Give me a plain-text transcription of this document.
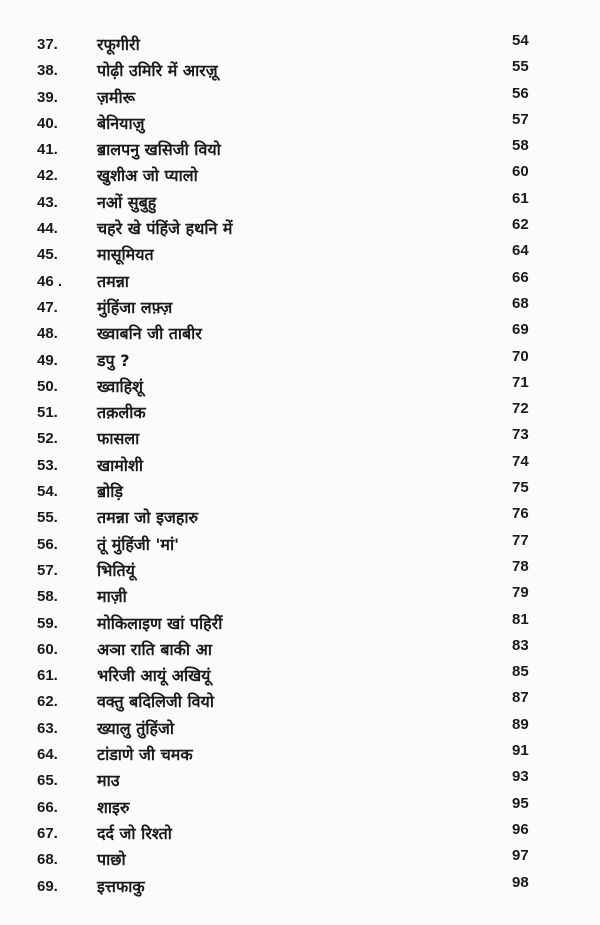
37. रफूगीरी	54
38. पोढ़ी उमिरि में आरज़ू	55
39. ज़मीरू	56
40. बेनियाज़ु	57
41. ॿालपनु खसिजी वियो	58
42. खुशीअ जो प्यालो	60
43. नओं सुबुहु	61
44. चहरे खे पंहिंजे हथनि में	62
45. मासूमियत	64
46 . तमन्ना	66
47. मुंहिंजा लफ़्ज़	68
48. ख्वाबनि जी ताबीर	69
49. डपु ?	70
50. ख्वाहिशूं	71
51. तक़लीक	72
52. फासला	73
53. खामोशी	74
54. ॿोड़ि	75
55. तमन्ना जो इजहारु	76
56. तूं मुंहिंजी 'मां'	77
57. भितियूं	78
58. माज़ी	79
59. मोकिलाइण खां पहिरीं	81
60. अञा राति बाकी आ	83
61. भरिजी आयूं अखियूं	85
62. वक्तु बदिलिजी वियो	87
63. ख्यालु तुंहिंजो	89
64. टांडाणे जी चमक	91
65. माउ	93
66. शाइरु	95
67. दर्द जो रिश्तो	96
68. पाछो	97
69. इत्तफाकु	98
